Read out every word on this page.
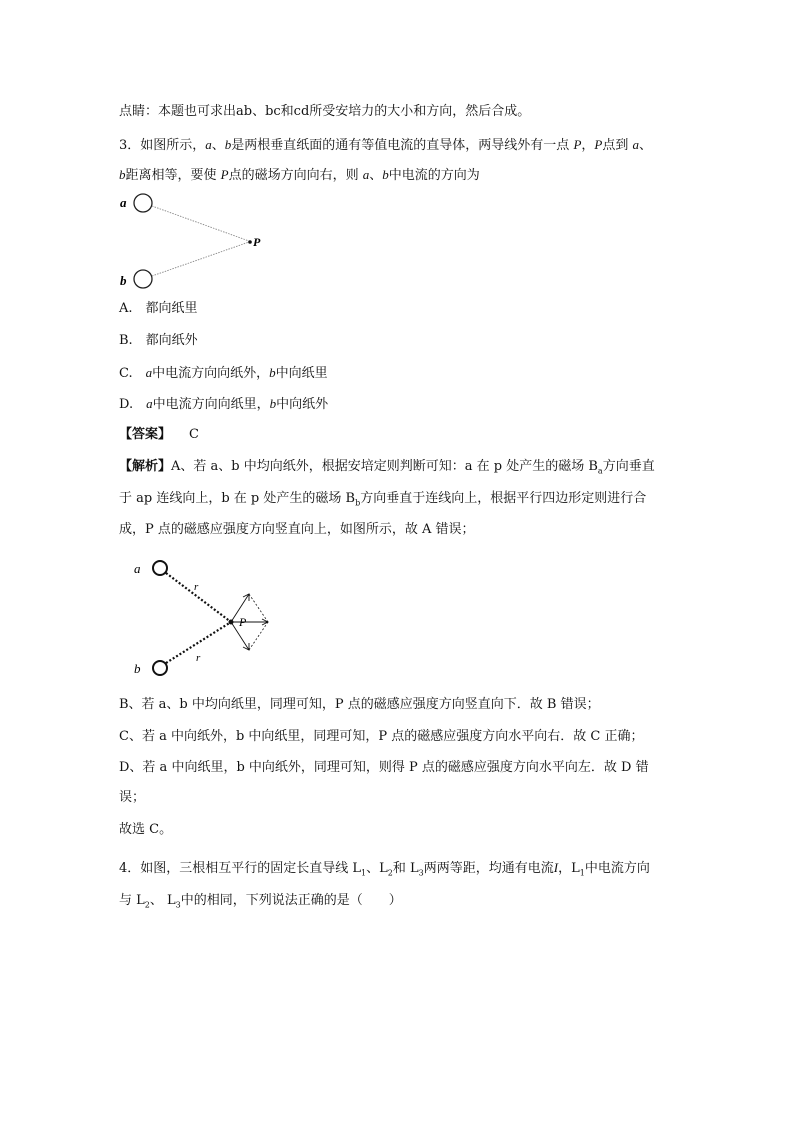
点睛：本题也可求出ab、bc和cd所受安培力的大小和方向，然后合成。
3．如图所示，a、b是两根垂直纸面的通有等值电流的直导体，两导线外有一点 P，P点到 a、
b距离相等，要使 P点的磁场方向向右，则 a、b中电流的方向为
a
P
b
A.　都向纸里
B.　都向纸外
C.　a中电流方向向纸外，b中向纸里
D.　a中电流方向向纸里，b中向纸外
【答案】 C
【解析】A、若 a、b 中均向纸外，根据安培定则判断可知：a 在 p 处产生的磁场 $B_a$方向垂直
于 ap 连线向上，b 在 p 处产生的磁场 $B_b$方向垂直于连线向上，根据平行四边形定则进行合
成，P 点的磁感应强度方向竖直向上，如图所示，故 A 错误；
a
r
b
r
P
B、若 a、b 中均向纸里，同理可知，P 点的磁感应强度方向竖直向下．故 B 错误；
C、若 a 中向纸外，b 中向纸里，同理可知，P 点的磁感应强度方向水平向右．故 C 正确；
D、若 a 中向纸里，b 中向纸外，同理可知，则得 P 点的磁感应强度方向水平向左．故 D 错
误；
故选 C。
4．如图，三根相互平行的固定长直导线 $L_1$、$L_2$和 $L_3$两两等距，均通有电流I，$L_1$中电流方向
与 $L_2$、 $L_3$中的相同，下列说法正确的是（　　）
